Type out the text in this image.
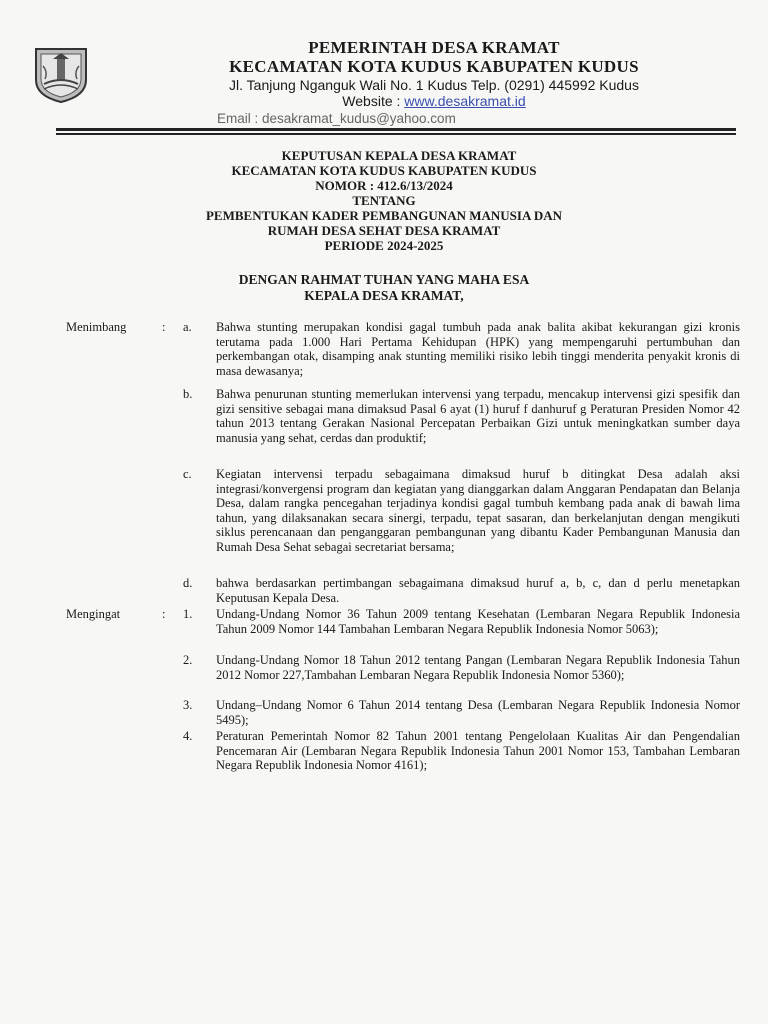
PEMERINTAH DESA KRAMAT
KECAMATAN KOTA KUDUS KABUPATEN KUDUS
Jl. Tanjung Nganguk Wali No. 1 Kudus Telp. (0291) 445992 Kudus
Website : www.desakramat.id
Email : desakramat_kudus@yahoo.com
KEPUTUSAN KEPALA DESA KRAMAT
KECAMATAN KOTA KUDUS KABUPATEN KUDUS
NOMOR : 412.6/13/2024
TENTANG
PEMBENTUKAN KADER PEMBANGUNAN MANUSIA DAN
RUMAH DESA SEHAT DESA KRAMAT
PERIODE 2024-2025
DENGAN RAHMAT TUHAN YANG MAHA ESA
KEPALA DESA KRAMAT,
Menimbang	: a. Bahwa stunting merupakan kondisi gagal tumbuh pada anak balita akibat kekurangan gizi kronis terutama pada 1.000 Hari Pertama Kehidupan (HPK) yang mempengaruhi pertumbuhan dan perkembangan otak, disamping anak stunting memiliki risiko lebih tinggi menderita penyakit kronis di masa dewasanya;
b. Bahwa penurunan stunting memerlukan intervensi yang terpadu, mencakup intervensi gizi spesifik dan gizi sensitive sebagai mana dimaksud Pasal 6 ayat (1) huruf f danhuruf g Peraturan Presiden Nomor 42 tahun 2013 tentang Gerakan Nasional Percepatan Perbaikan Gizi untuk meningkatkan sumber daya manusia yang sehat, cerdas dan produktif;
c. Kegiatan intervensi terpadu sebagaimana dimaksud huruf b ditingkat Desa adalah aksi integrasi/konvergensi program dan kegiatan yang dianggarkan dalam Anggaran Pendapatan dan Belanja Desa, dalam rangka pencegahan terjadinya kondisi gagal tumbuh kembang pada anak di bawah lima tahun, yang dilaksanakan secara sinergi, terpadu, tepat sasaran, dan berkelanjutan dengan mengikuti siklus perencanaan dan penganggaran pembangunan yang dibantu Kader Pembangunan Manusia dan Rumah Desa Sehat sebagai secretariat bersama;
d. bahwa berdasarkan pertimbangan sebagaimana dimaksud huruf a, b, c, dan d perlu menetapkan Keputusan Kepala Desa.
Mengingat	: 1. Undang-Undang Nomor 36 Tahun 2009 tentang Kesehatan (Lembaran Negara Republik Indonesia Tahun 2009 Nomor 144 Tambahan Lembaran Negara Republik Indonesia Nomor 5063);
2. Undang-Undang Nomor 18 Tahun 2012 tentang Pangan (Lembaran Negara Republik Indonesia Tahun 2012 Nomor 227,Tambahan Lembaran Negara Republik Indonesia Nomor 5360);
3. Undang–Undang Nomor 6 Tahun 2014 tentang Desa (Lembaran Negara Republik Indonesia Nomor 5495);
4. Peraturan Pemerintah Nomor 82 Tahun 2001 tentang Pengelolaan Kualitas Air dan Pengendalian Pencemaran Air (Lembaran Negara Republik Indonesia Tahun 2001 Nomor 153, Tambahan Lembaran Negara Republik Indonesia Nomor 4161);
